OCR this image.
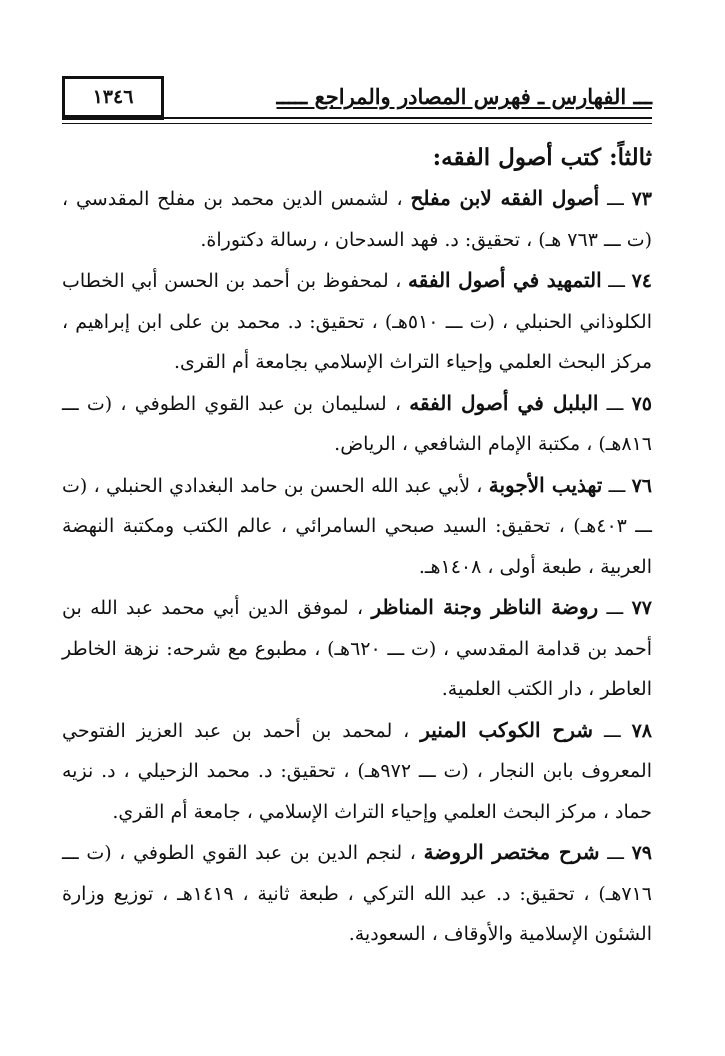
١٣٤٦	ـــ الفهارس ـ فهرس المصادر والمراجع ـــــ

ثالثاً: كتب أصول الفقه:

٧٣ ـــ أصول الفقه لابن مفلح ، لشمس الدين محمد بن مفلح المقدسي ، (ت ـــ ٧٦٣ هـ) ، تحقيق: د. فهد السدحان ، رسالة دكتوراة.

٧٤ ـــ التمهيد في أصول الفقه ، لمحفوظ بن أحمد بن الحسن أبي الخطاب الكلوذاني الحنبلي ، (ت ـــ ٥١٠هـ) ، تحقيق: د. محمد بن على ابن إبراهيم ، مركز البحث العلمي وإحياء التراث الإسلامي بجامعة أم القرى.

٧٥ ـــ البلبل في أصول الفقه ، لسليمان بن عبد القوي الطوفي ، (ت ـــ ٨١٦هـ) ، مكتبة الإمام الشافعي ، الرياض.

٧٦ ـــ تهذيب الأجوبة ، لأبي عبد الله الحسن بن حامد البغدادي الحنبلي ، (ت ـــ ٤٠٣هـ) ، تحقيق: السيد صبحي السامرائي ، عالم الكتب ومكتبة النهضة العربية ، طبعة أولى ، ١٤٠٨هـ.

٧٧ ـــ روضة الناظر وجنة المناظر ، لموفق الدين أبي محمد عبد الله بن أحمد بن قدامة المقدسي ، (ت ـــ ٦٢٠هـ) ، مطبوع مع شرحه: نزهة الخاطر العاطر ، دار الكتب العلمية.

٧٨ ـــ شرح الكوكب المنير ، لمحمد بن أحمد بن عبد العزيز الفتوحي المعروف بابن النجار ، (ت ـــ ٩٧٢هـ) ، تحقيق: د. محمد الزحيلي ، د. نزيه حماد ، مركز البحث العلمي وإحياء التراث الإسلامي ، جامعة أم القري.

٧٩ ـــ شرح مختصر الروضة ، لنجم الدين بن عبد القوي الطوفي ، (ت ـــ ٧١٦هـ) ، تحقيق: د. عبد الله التركي ، طبعة ثانية ، ١٤١٩هـ ، توزيع وزارة الشئون الإسلامية والأوقاف ، السعودية.
